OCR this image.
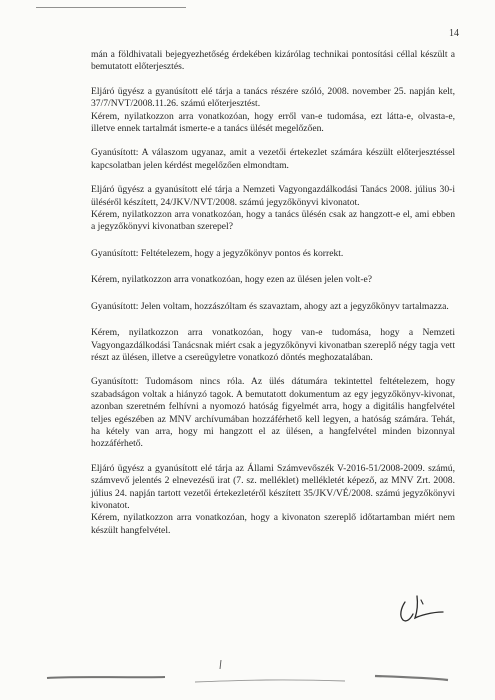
14

mán a földhivatali bejegyezhetőség érdekében kizárólag technikai pontosítási céllal készült a bemutatott előterjesztés.

Eljáró ügyész a gyanúsított elé tárja a tanács részére szóló, 2008. november 25. napján kelt, 37/7/NVT/2008.11.26. számú előterjesztést.

Kérem, nyilatkozzon arra vonatkozóan, hogy erről van-e tudomása, ezt látta-e, olvasta-e, illetve ennek tartalmát ismerte-e a tanács ülését megelőzően.

Gyanúsított: A válaszom ugyanaz, amit a vezetői értekezlet számára készült előterjesztéssel kapcsolatban jelen kérdést megelőzően elmondtam.

Eljáró ügyész a gyanúsított elé tárja a Nemzeti Vagyongazdálkodási Tanács 2008. július 30-i üléséről készített, 24/JKV/NVT/2008. számú jegyzőkönyvi kivonatot.

Kérem, nyilatkozzon arra vonatkozóan, hogy a tanács ülésén csak az hangzott-e el, ami ebben a jegyzőkönyvi kivonatban szerepel?

Gyanúsított: Feltételezem, hogy a jegyzőkönyv pontos és korrekt.

Kérem, nyilatkozzon arra vonatkozóan, hogy ezen az ülésen jelen volt-e?

Gyanúsított: Jelen voltam, hozzászóltam és szavaztam, ahogy azt a jegyzőkönyv tartalmazza.

Kérem, nyilatkozzon arra vonatkozóan, hogy van-e tudomása, hogy a Nemzeti Vagyongazdálkodási Tanácsnak miért csak a jegyzőkönyvi kivonatban szereplő négy tagja vett részt az ülésen, illetve a csereügyletre vonatkozó döntés meghozatalában.

Gyanúsított: Tudomásom nincs róla. Az ülés dátumára tekintettel feltételezem, hogy szabadságon voltak a hiányzó tagok. A bemutatott dokumentum az egy jegyzőkönyv-kivonat, azonban szeretném felhívni a nyomozó hatóság figyelmét arra, hogy a digitális hangfelvétel teljes egészében az MNV archívumában hozzáférhető kell legyen, a hatóság számára. Tehát, ha kétely van arra, hogy mi hangzott el az ülésen, a hangfelvétel minden bizonnyal hozzáférhető.

Eljáró ügyész a gyanúsított elé tárja az Állami Számvevőszék V-2016-51/2008-2009. számú, számvevő jelentés 2 elnevezésű irat (7. sz. melléklet) mellékletét képező, az MNV Zrt. 2008. július 24. napján tartott vezetői értekezletéről készített 35/JKV/VÉ/2008. számú jegyzőkönyvi kivonatot.

Kérem, nyilatkozzon arra vonatkozóan, hogy a kivonaton szereplő időtartamban miért nem készült hangfelvétel.
